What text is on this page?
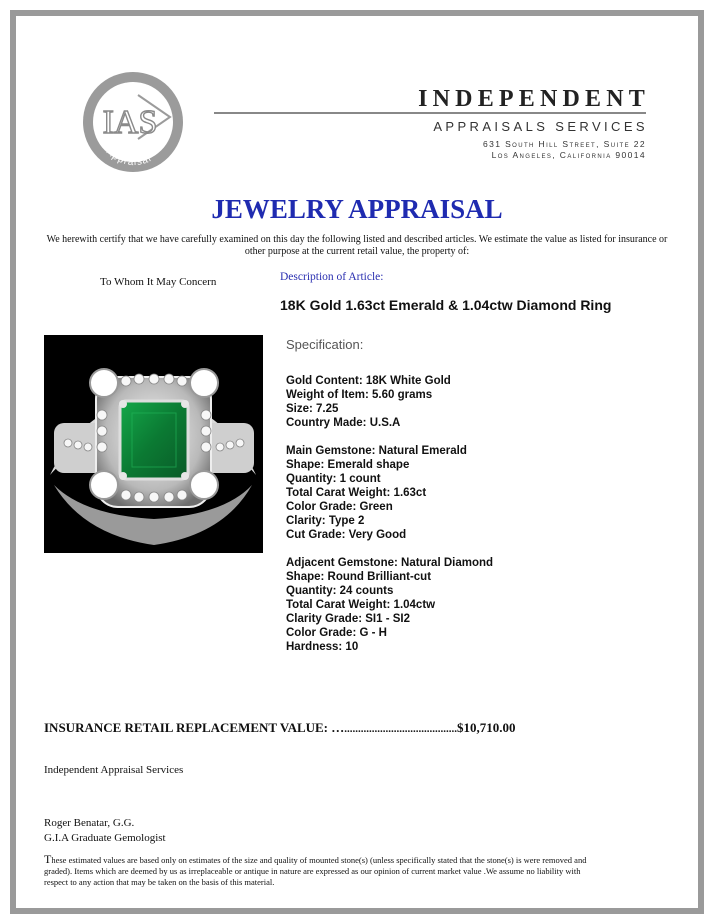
IAS
Appraisal
INDEPENDENT
APPRAISALS SERVICES
631 South Hill Street, Suite 22
Los Angeles, California 90014
JEWELRY APPRAISAL
We herewith certify that we have carefully examined on this day the following listed and described articles. We estimate the value as listed for insurance or other purpose at the current retail value, the property of:
To Whom It May Concern	Description of Article:
18K Gold 1.63ct Emerald & 1.04ctw Diamond Ring
Specification:
Gold Content: 18K White Gold
Weight of Item: 5.60 grams
Size: 7.25
Country Made: U.S.A
Main Gemstone: Natural Emerald
Shape: Emerald shape
Quantity: 1 count
Total Carat Weight: 1.63ct
Color Grade: Green
Clarity: Type 2
Cut Grade: Very Good
Adjacent Gemstone: Natural Diamond
Shape: Round Brilliant-cut
Quantity: 24 counts
Total Carat Weight: 1.04ctw
Clarity Grade: SI1 - SI2
Color Grade: G - H
Hardness: 10
INSURANCE RETAIL REPLACEMENT VALUE: ….........................................$10,710.00
Independent Appraisal Services
Roger Benatar, G.G.
G.I.A Graduate Gemologist
These estimated values are based only on estimates of the size and quality of mounted stone(s) (unless specifically stated that the stone(s) is were removed and graded). Items which are deemed by us as irreplaceable or antique in nature are expressed as our opinion of current market value .We assume no liability with respect to any action that may be taken on the basis of this material.
